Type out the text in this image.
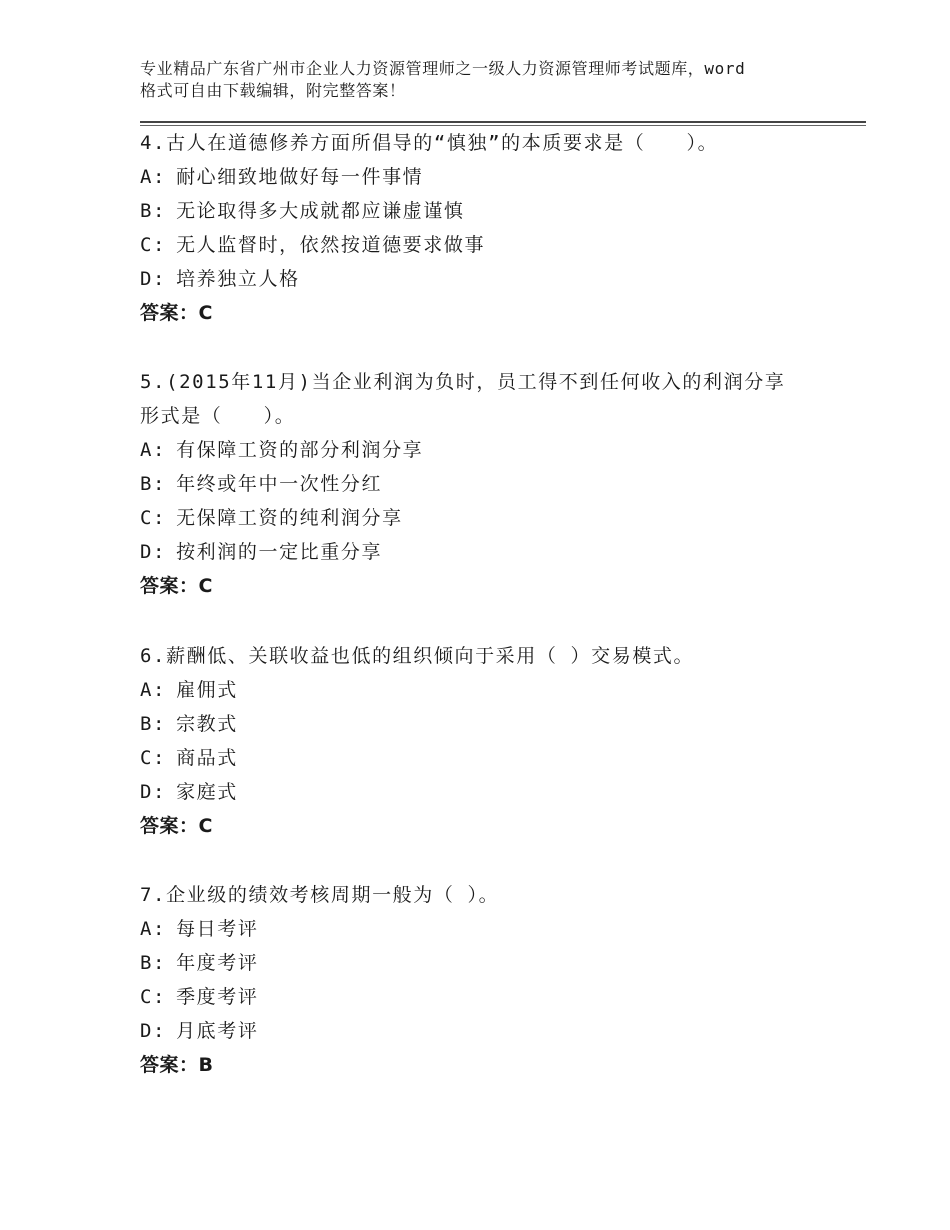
专业精品广东省广州市企业人力资源管理师之一级人力资源管理师考试题库，word
格式可自由下载编辑，附完整答案！
4.古人在道德修养方面所倡导的“慎独”的本质要求是（　　）。
A: 耐心细致地做好每一件事情
B: 无论取得多大成就都应谦虚谨慎
C: 无人监督时，依然按道德要求做事
D: 培养独立人格
答案：C
5.(2015年11月)当企业利润为负时，员工得不到任何收入的利润分享
形式是（　　）。
A: 有保障工资的部分利润分享
B: 年终或年中一次性分红
C: 无保障工资的纯利润分享
D: 按利润的一定比重分享
答案：C
6.薪酬低、关联收益也低的组织倾向于采用（ ）交易模式。
A: 雇佣式
B: 宗教式
C: 商品式
D: 家庭式
答案：C
7.企业级的绩效考核周期一般为（ ）。
A: 每日考评
B: 年度考评
C: 季度考评
D: 月底考评
答案：B
